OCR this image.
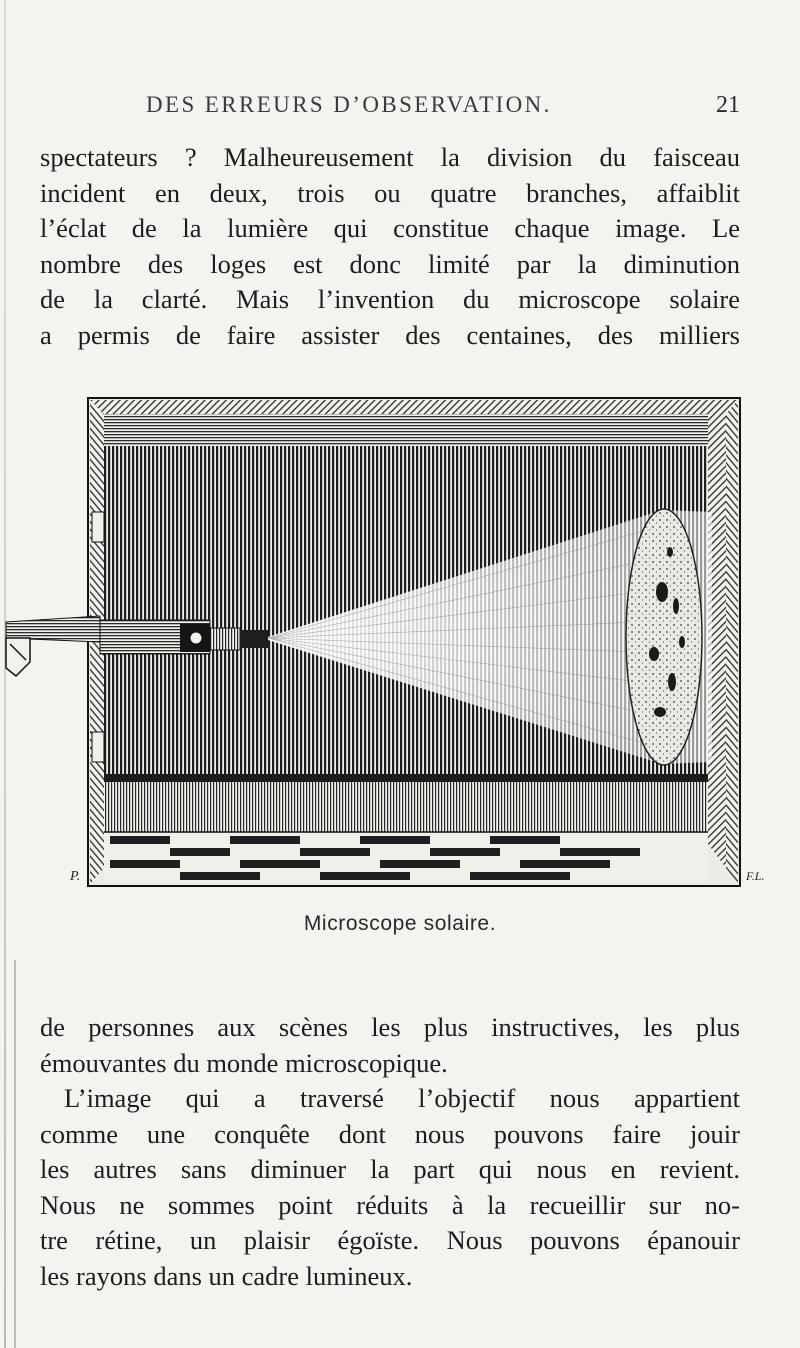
DES ERREURS D’OBSERVATION.	21
spectateurs ? Malheureusement la division du faisceau
incident en deux, trois ou quatre branches, affaiblit
l’éclat de la lumière qui constitue chaque image. Le
nombre des loges est donc limité par la diminution
de la clarté. Mais l’invention du microscope solaire
a permis de faire assister des centaines, des milliers
P.	F.L.
Microscope solaire.
de personnes aux scènes les plus instructives, les plus
émouvantes du monde microscopique.
L’image qui a traversé l’objectif nous appartient
comme une conquête dont nous pouvons faire jouir
les autres sans diminuer la part qui nous en revient.
Nous ne sommes point réduits à la recueillir sur no-
tre rétine, un plaisir égoïste. Nous pouvons épanouir
les rayons dans un cadre lumineux.
